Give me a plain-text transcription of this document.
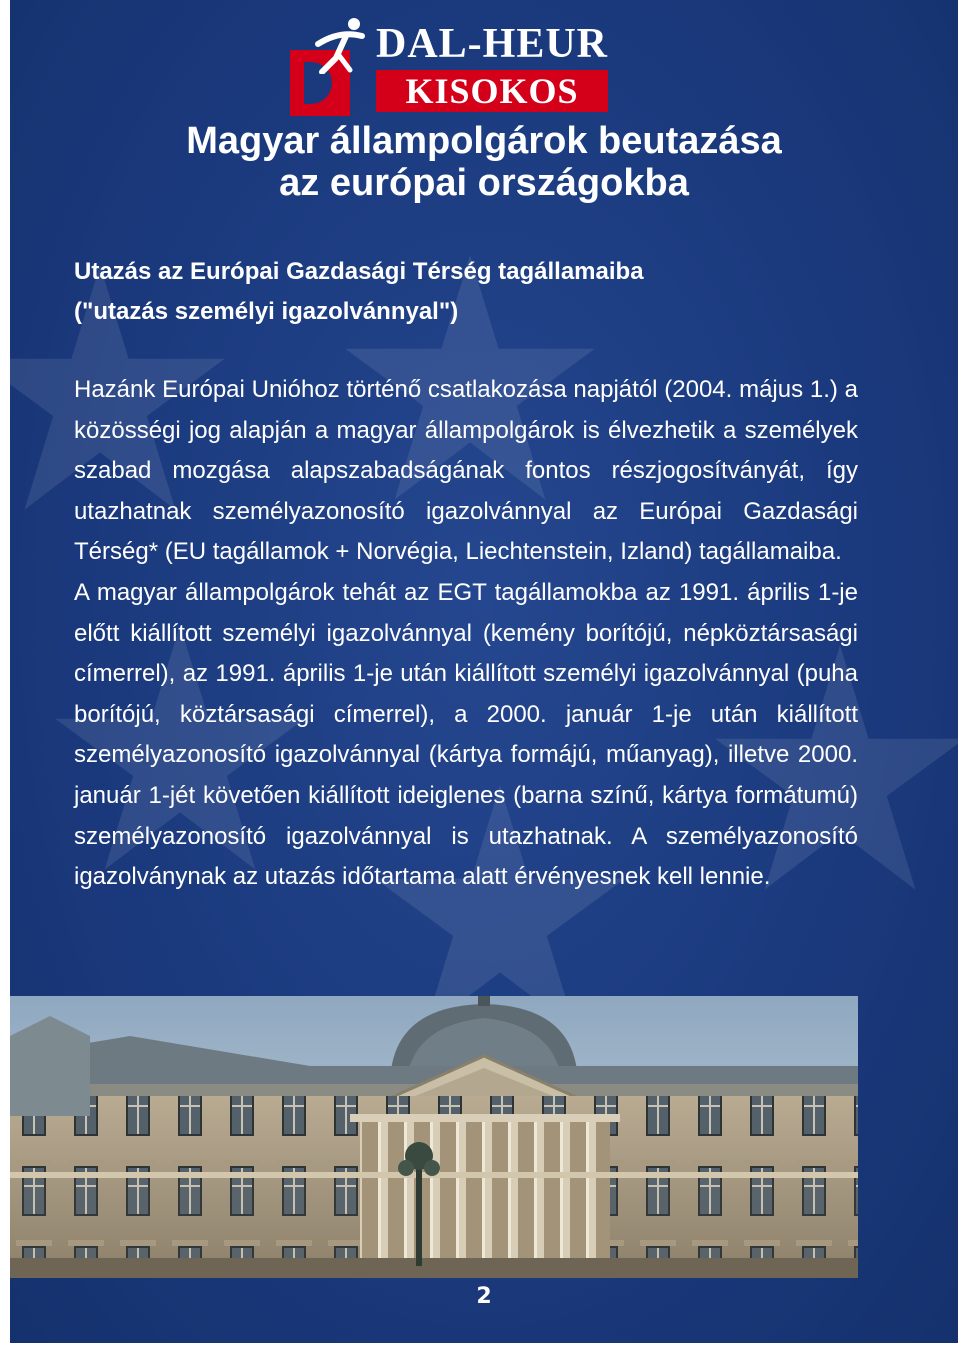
DAL-HEUR
KISOKOS
Magyar állampolgárok beutazása
az európai országokba
Utazás az Európai Gazdasági Térség tagállamaiba
("utazás személyi igazolvánnyal")

Hazánk Európai Unióhoz történő csatlakozása napjától (2004. május 1.) a közösségi jog alapján a magyar állampolgárok is élvezhetik a személyek szabad mozgása alapszabadságának fontos részjogosítványát, így utazhatnak személyazonosító igazolvánnyal az Európai Gazdasági Térség* (EU tagállamok + Norvégia, Liechtenstein, Izland) tagállamaiba.

A magyar állampolgárok tehát az EGT tagállamokba az 1991. április 1-je előtt kiállított személyi igazolvánnyal (kemény borítójú, népköztársasági címerrel), az 1991. április 1-je után kiállított személyi igazolvánnyal (puha borítójú, köztársasági címerrel), a 2000. január 1-je után kiállított személyazonosító igazolvánnyal (kártya formájú, műanyag), illetve 2000. január 1-jét követően kiállított ideiglenes (barna színű, kártya formátumú) személyazonosító igazolvánnyal is utazhatnak. A személyazonosító igazolványnak az utazás időtartama alatt érvényesnek kell lennie.

2
